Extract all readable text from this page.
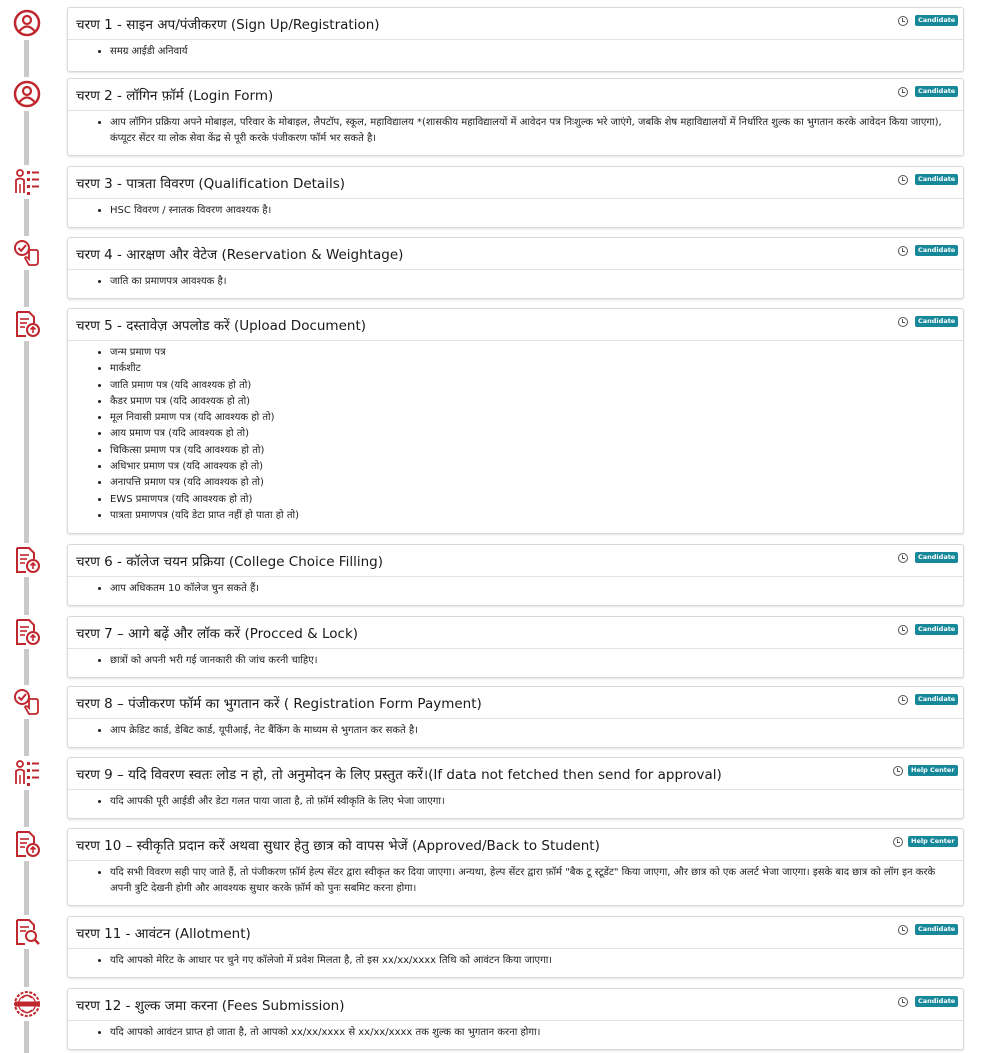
चरण 1 - साइन अप/पंजीकरण (Sign Up/Registration)	Candidate
• समग्र आईडी अनिवार्य
चरण 2 - लॉगिन फ़ॉर्म (Login Form)	Candidate
• आप लॉगिन प्रक्रिया अपने मोबाइल, परिवार के मोबाइल, लैपटॉप, स्कूल, महाविद्यालय *(शासकीय महाविद्यालयों में आवेदन पत्र निःशुल्क भरे जाएंगे, जबकि शेष महाविद्यालयों में निर्धारित शुल्क का भुगतान करके आवेदन किया जाएगा), कंप्यूटर सेंटर या लोक सेवा केंद्र से पूरी करके पंजीकरण फॉर्म भर सकते है।
चरण 3 - पात्रता विवरण (Qualification Details)	Candidate
• HSC विवरण / स्नातक विवरण आवश्यक है।
चरण 4 - आरक्षण और वेटेज (Reservation & Weightage)	Candidate
• जाति का प्रमाणपत्र आवश्यक है।
चरण 5 - दस्तावेज़ अपलोड करें (Upload Document)	Candidate
• जन्म प्रमाण पत्र
• मार्कशीट
• जाति प्रमाण पत्र (यदि आवश्यक हो तो)
• कैडर प्रमाण पत्र (यदि आवश्यक हो तो)
• मूल निवासी प्रमाण पत्र (यदि आवश्यक हो तो)
• आय प्रमाण पत्र (यदि आवश्यक हो तो)
• चिकित्सा प्रमाण पत्र (यदि आवश्यक हो तो)
• अधिभार प्रमाण पत्र (यदि आवश्यक हो तो)
• अनापत्ति प्रमाण पत्र (यदि आवश्यक हो तो)
• EWS प्रमाणपत्र (यदि आवश्यक हो तो)
• पात्रता प्रमाणपत्र (यदि डेटा प्राप्त नहीं हो पाता हो तो)
चरण 6 - कॉलेज चयन प्रक्रिया (College Choice Filling)	Candidate
• आप अधिकतम 10 कॉलेज चुन सकते हैं।
चरण 7 – आगे बढ़ें और लॉक करें (Procced & Lock)	Candidate
• छात्रों को अपनी भरी गई जानकारी की जांच करनी चाहिए।
चरण 8 – पंजीकरण फॉर्म का भुगतान करें ( Registration Form Payment)	Candidate
• आप क्रेडिट कार्ड, डेबिट कार्ड, यूपीआई, नेट बैंकिंग के माध्यम से भुगतान कर सकते है।
चरण 9 – यदि विवरण स्वतः लोड न हो, तो अनुमोदन के लिए प्रस्तुत करें।(If data not fetched then send for approval)	Help Center
• यदि आपकी पूरी आईडी और डेटा गलत पाया जाता है, तो फ़ॉर्म स्वीकृति के लिए भेजा जाएगा।
चरण 10 – स्वीकृति प्रदान करें अथवा सुधार हेतु छात्र को वापस भेजें (Approved/Back to Student)	Help Center
• यदि सभी विवरण सही पाए जाते हैं, तो पंजीकरण फ़ॉर्म हेल्प सेंटर द्वारा स्वीकृत कर दिया जाएगा। अन्यथा, हेल्प सेंटर द्वारा फ़ॉर्म "बैक टू स्टूडेंट" किया जाएगा, और छात्र को एक अलर्ट भेजा जाएगा। इसके बाद छात्र को लॉग इन करके अपनी त्रुटि देखनी होगी और आवश्यक सुधार करके फ़ॉर्म को पुनः सबमिट करना होगा।
चरण 11 - आवंटन (Allotment)	Candidate
• यदि आपको मेरिट के आधार पर चुने गए कॉलेजो में प्रवेश मिलता है, तो इस xx/xx/xxxx तिथि को आवंटन किया जाएगा।
चरण 12 - शुल्क जमा करना (Fees Submission)	Candidate
• यदि आपको आवंटन प्राप्त हो जाता है, तो आपको xx/xx/xxxx से xx/xx/xxxx तक शुल्क का भुगतान करना होगा।
